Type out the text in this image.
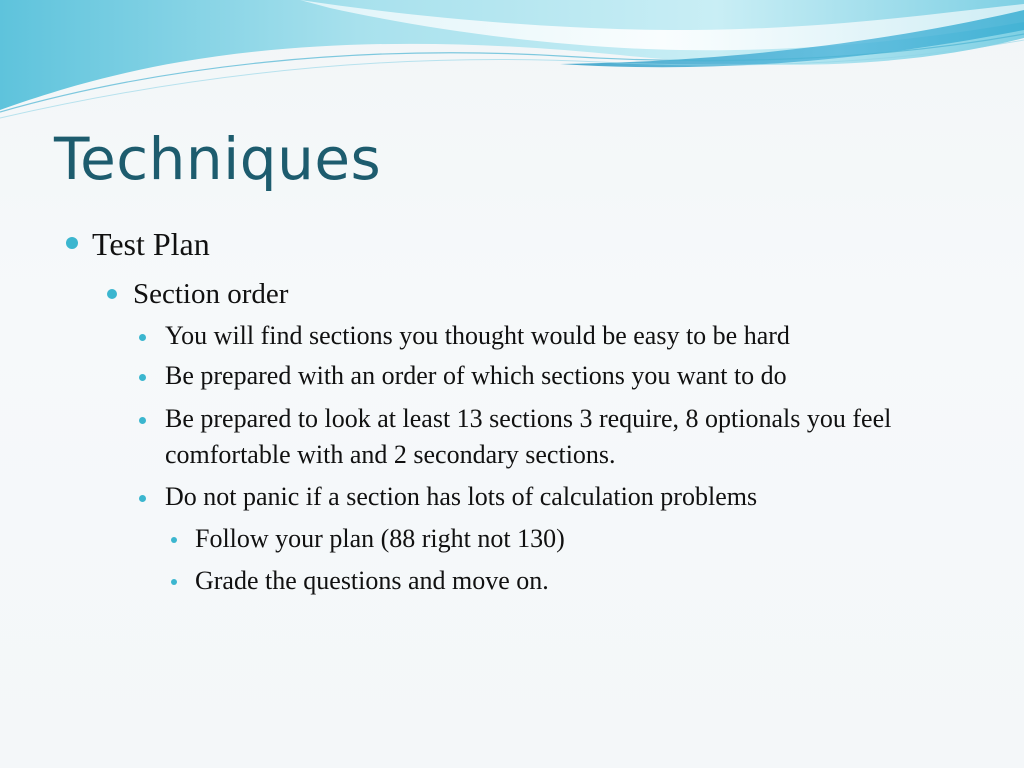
Techniques
Test Plan
Section order
You will find sections you thought would be easy to be hard
Be prepared with an order of which sections you want to do
Be prepared to look at least 13 sections 3 require, 8 optionals you feel comfortable with and 2 secondary sections.
Do not panic if a section has lots of calculation problems
Follow your plan (88 right not 130)
Grade the questions and move on.
